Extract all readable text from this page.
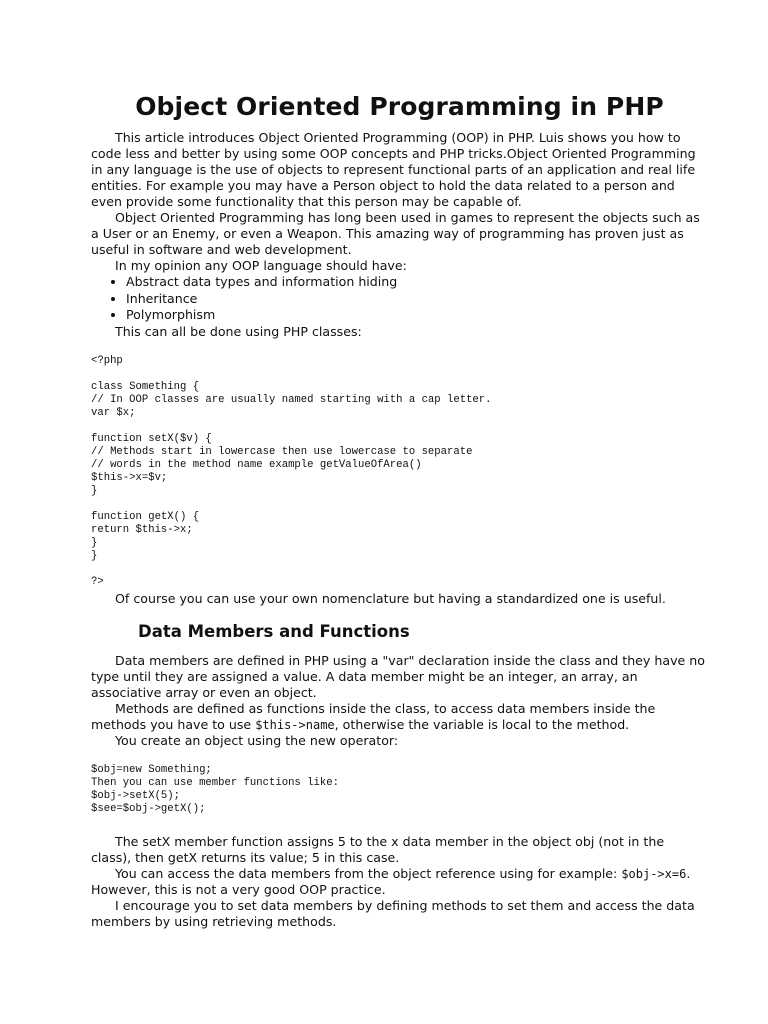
Object Oriented Programming in PHP

This article introduces Object Oriented Programming (OOP) in PHP. Luis shows you how to code less and better by using some OOP concepts and PHP tricks.Object Oriented Programming in any language is the use of objects to represent functional parts of an application and real life entities. For example you may have a Person object to hold the data related to a person and even provide some functionality that this person may be capable of.

Object Oriented Programming has long been used in games to represent the objects such as a User or an Enemy, or even a Weapon. This amazing way of programming has proven just as useful in software and web development.

In my opinion any OOP language should have:

• Abstract data types and information hiding
• Inheritance
• Polymorphism

This can all be done using PHP classes:

<?php

class Something {
// In OOP classes are usually named starting with a cap letter.
var $x;

function setX($v) {
// Methods start in lowercase then use lowercase to separate
// words in the method name example getValueOfArea()
$this->x=$v;
}

function getX() {
return $this->x;
}
}

?>

Of course you can use your own nomenclature but having a standardized one is useful.

Data Members and Functions

Data members are defined in PHP using a "var" declaration inside the class and they have no type until they are assigned a value. A data member might be an integer, an array, an associative array or even an object.

Methods are defined as functions inside the class, to access data members inside the methods you have to use $this->name, otherwise the variable is local to the method.

You create an object using the new operator:

$obj=new Something;
Then you can use member functions like:
$obj->setX(5);
$see=$obj->getX();

The setX member function assigns 5 to the x data member in the object obj (not in the class), then getX returns its value; 5 in this case.

You can access the data members from the object reference using for example: $obj->x=6. However, this is not a very good OOP practice.

I encourage you to set data members by defining methods to set them and access the data members by using retrieving methods.
